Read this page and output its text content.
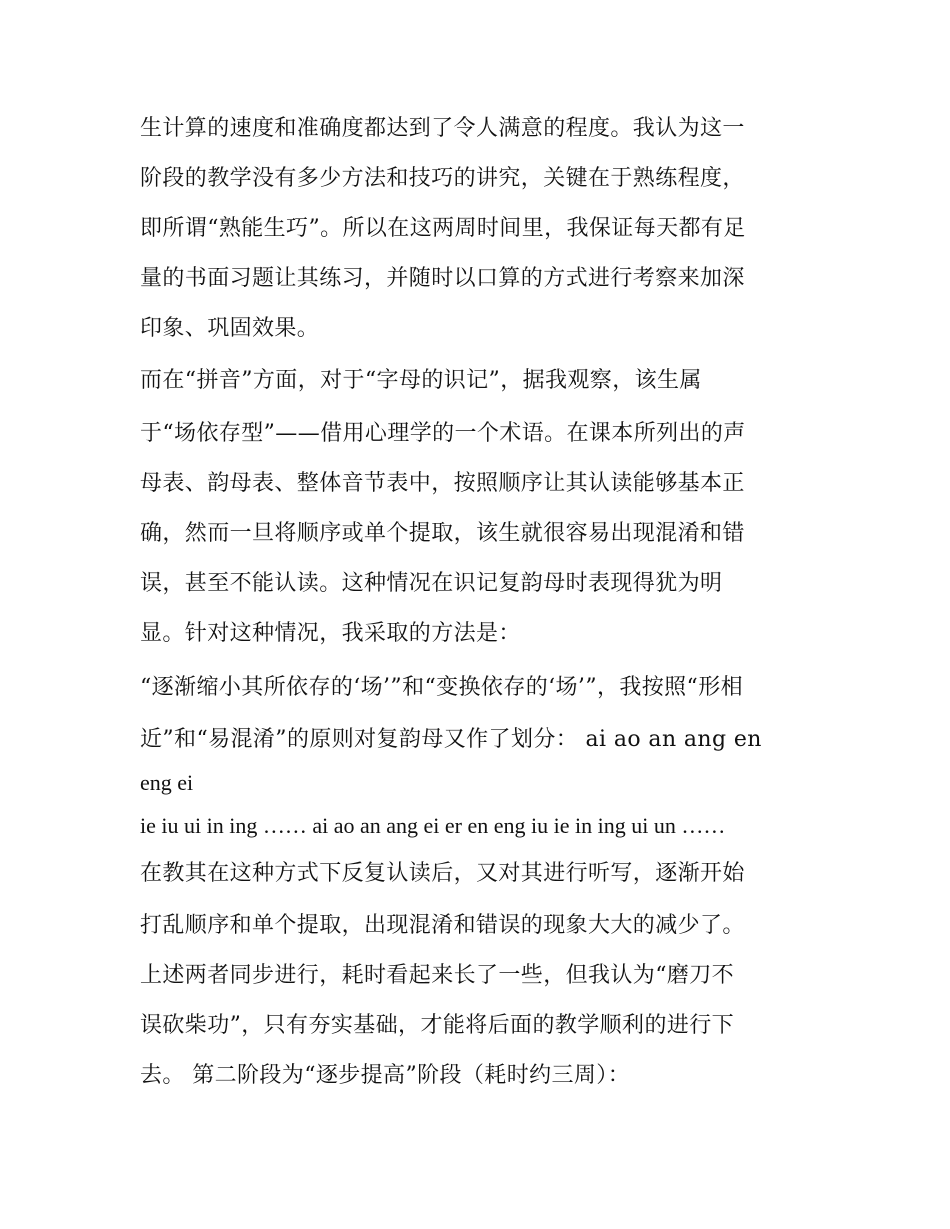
生计算的速度和准确度都达到了令人满意的程度。我认为这一
阶段的教学没有多少方法和技巧的讲究，关键在于熟练程度，
即所谓“熟能生巧”。所以在这两周时间里，我保证每天都有足
量的书面习题让其练习，并随时以口算的方式进行考察来加深
印象、巩固效果。
而在“拼音”方面，对于“字母的识记”，据我观察，该生属
于“场依存型”——借用心理学的一个术语。在课本所列出的声
母表、韵母表、整体音节表中，按照顺序让其认读能够基本正
确，然而一旦将顺序或单个提取，该生就很容易出现混淆和错
误，甚至不能认读。这种情况在识记复韵母时表现得犹为明
显。针对这种情况，我采取的方法是：
“逐渐缩小其所依存的‘场’”和“变换依存的‘场’”，我按照“形相
近”和“易混淆”的原则对复韵母又作了划分： ai ao an ang en
eng ei
ie iu ui in ing …… ai ao an ang ei er en eng iu ie in ing ui un ……
在教其在这种方式下反复认读后，又对其进行听写，逐渐开始
打乱顺序和单个提取，出现混淆和错误的现象大大的减少了。
上述两者同步进行，耗时看起来长了一些，但我认为“磨刀不
误砍柴功”，只有夯实基础，才能将后面的教学顺利的进行下
去。 第二阶段为“逐步提高”阶段（耗时约三周）：
